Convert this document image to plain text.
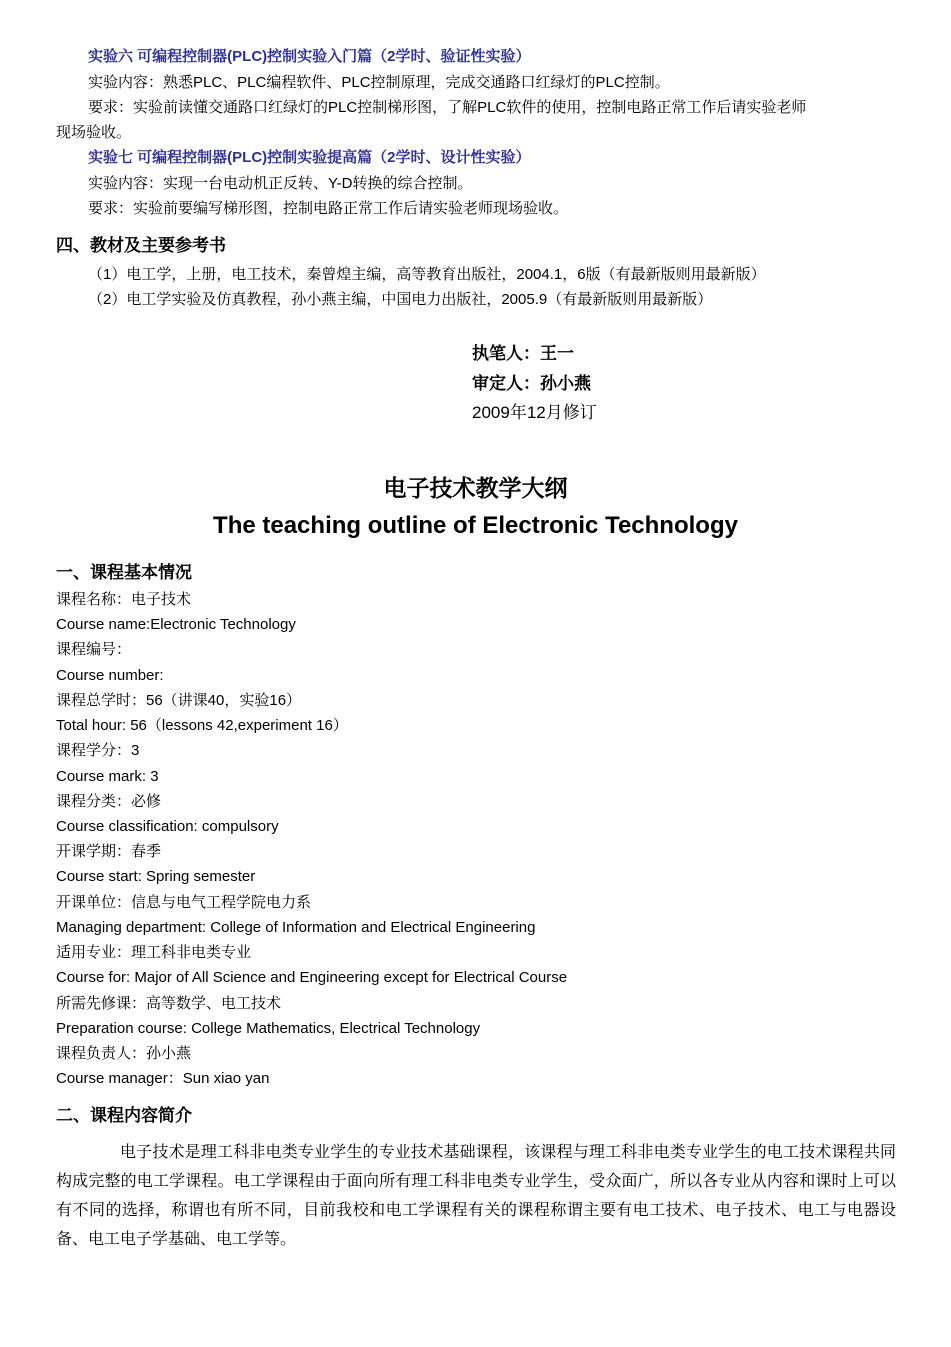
实验六 可编程控制器(PLC)控制实验入门篇（2学时、验证性实验）
实验内容：熟悉PLC、PLC编程软件、PLC控制原理，完成交通路口红绿灯的PLC控制。
要求：实验前读懂交通路口红绿灯的PLC控制梯形图，了解PLC软件的使用，控制电路正常工作后请实验老师
现场验收。
实验七 可编程控制器(PLC)控制实验提高篇（2学时、设计性实验）
实验内容：实现一台电动机正反转、Y-D转换的综合控制。
要求：实验前要编写梯形图，控制电路正常工作后请实验老师现场验收。
四、教材及主要参考书
（1）电工学，上册，电工技术，秦曾煌主编，高等教育出版社，2004.1，6版（有最新版则用最新版）
（2）电工学实验及仿真教程，孙小燕主编，中国电力出版社，2005.9（有最新版则用最新版）
执笔人：王一
审定人：孙小燕
2009年12月修订
电子技术教学大纲
The teaching outline of Electronic Technology
一、课程基本情况
课程名称：电子技术
Course name:Electronic Technology
课程编号：
Course number:
课程总学时：56（讲课40，实验16）
Total hour: 56（lessons 42,experiment 16）
课程学分：3
Course mark: 3
课程分类：必修
Course classification: compulsory
开课学期：春季
Course start: Spring semester
开课单位：信息与电气工程学院电力系
Managing department: College of Information and Electrical Engineering
适用专业：理工科非电类专业
Course for: Major of All Science and Engineering except for Electrical Course
所需先修课：高等数学、电工技术
Preparation course: College Mathematics, Electrical Technology
课程负责人：孙小燕
Course manager：Sun xiao yan
二、课程内容简介
电子技术是理工科非电类专业学生的专业技术基础课程，该课程与理工科非电类专业学生的电工技术课程共同构成完整的电工学课程。电工学课程由于面向所有理工科非电类专业学生，受众面广，所以各专业从内容和课时上可以有不同的选择，称谓也有所不同，目前我校和电工学课程有关的课程称谓主要有电工技术、电子技术、电工与电器设备、电工电子学基础、电工学等。
